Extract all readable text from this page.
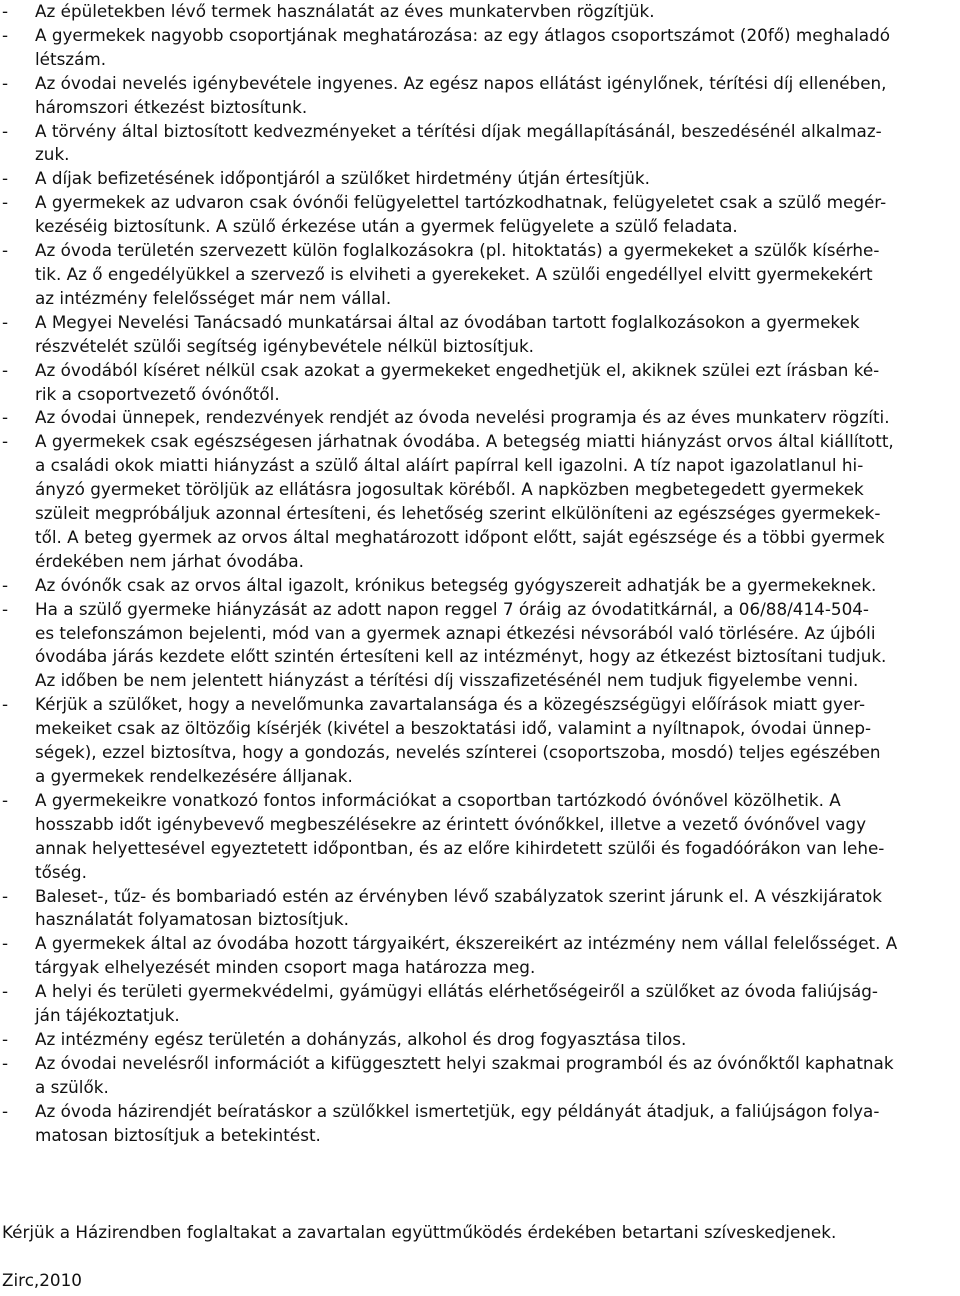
- Az épületekben lévő termek használatát az éves munkatervben rögzítjük.
- A gyermekek nagyobb csoportjának meghatározása: az egy átlagos csoportszámot (20fő) meghaladó
létszám.
- Az óvodai nevelés igénybevétele ingyenes. Az egész napos ellátást igénylőnek, térítési díj ellenében,
háromszori étkezést biztosítunk.
- A törvény által biztosított kedvezményeket a térítési díjak megállapításánál, beszedésénél alkalmaz-
zuk.
- A díjak befizetésének időpontjáról a szülőket hirdetmény útján értesítjük.
- A gyermekek az udvaron csak óvónői felügyelettel tartózkodhatnak, felügyeletet csak a szülő megér-
kezéséig biztosítunk. A szülő érkezése után a gyermek felügyelete a szülő feladata.
- Az óvoda területén szervezett külön foglalkozásokra (pl. hitoktatás) a gyermekeket a szülők kísérhe-
tik. Az ő engedélyükkel a szervező is elviheti a gyerekeket. A szülői engedéllyel elvitt gyermekekért
az intézmény felelősséget már nem vállal.
- A Megyei Nevelési Tanácsadó munkatársai által az óvodában tartott foglalkozásokon a gyermekek
részvételét szülői segítség igénybevétele nélkül biztosítjuk.
- Az óvodából kíséret nélkül csak azokat a gyermekeket engedhetjük el, akiknek szülei ezt írásban ké-
rik a csoportvezető óvónőtől.
- Az óvodai ünnepek, rendezvények rendjét az óvoda nevelési programja és az éves munkaterv rögzíti.
- A gyermekek csak egészségesen járhatnak óvodába. A betegség miatti hiányzást orvos által kiállított,
a családi okok miatti hiányzást a szülő által aláírt papírral kell igazolni. A tíz napot igazolatlanul hi-
ányzó gyermeket töröljük az ellátásra jogosultak köréből. A napközben megbetegedett gyermekek
szüleit megpróbáljuk azonnal értesíteni, és lehetőség szerint elkülöníteni az egészséges gyermekek-
től. A beteg gyermek az orvos által meghatározott időpont előtt, saját egészsége és a többi gyermek
érdekében nem járhat óvodába.
- Az óvónők csak az orvos által igazolt, krónikus betegség gyógyszereit adhatják be a gyermekeknek.
- Ha a szülő gyermeke hiányzását az adott napon reggel 7 óráig az óvodatitkárnál, a 06/88/414-504-
es telefonszámon bejelenti, mód van a gyermek aznapi étkezési névsorából való törlésére. Az újbóli
óvodába járás kezdete előtt szintén értesíteni kell az intézményt, hogy az étkezést biztosítani tudjuk.
Az időben be nem jelentett hiányzást a térítési díj visszafizetésénél nem tudjuk figyelembe venni.
- Kérjük a szülőket, hogy a nevelőmunka zavartalansága és a közegészségügyi előírások miatt gyer-
mekeiket csak az öltözőig kísérjék (kivétel a beszoktatási idő, valamint a nyíltnapok, óvodai ünnep-
ségek), ezzel biztosítva, hogy a gondozás, nevelés színterei (csoportszoba, mosdó) teljes egészében
a gyermekek rendelkezésére álljanak.
- A gyermekeikre vonatkozó fontos információkat a csoportban tartózkodó óvónővel közölhetik. A
hosszabb időt igénybevevő megbeszélésekre az érintett óvónőkkel, illetve a vezető óvónővel vagy
annak helyettesével egyeztetett időpontban, és az előre kihirdetett szülői és fogadóórákon van lehe-
tőség.
- Baleset-, tűz- és bombariadó estén az érvényben lévő szabályzatok szerint járunk el. A vészkijáratok
használatát folyamatosan biztosítjuk.
- A gyermekek által az óvodába hozott tárgyaikért, ékszereikért az intézmény nem vállal felelősséget. A
tárgyak elhelyezését minden csoport maga határozza meg.
- A helyi és területi gyermekvédelmi, gyámügyi ellátás elérhetőségeiről a szülőket az óvoda faliújság-
ján tájékoztatjuk.
- Az intézmény egész területén a dohányzás, alkohol és drog fogyasztása tilos.
- Az óvodai nevelésről információt a kifüggesztett helyi szakmai programból és az óvónőktől kaphatnak
a szülők.
- Az óvoda házirendjét beíratáskor a szülőkkel ismertetjük, egy példányát átadjuk, a faliújságon folya-
matosan biztosítjuk a betekintést.

Kérjük a Házirendben foglaltakat a zavartalan együttműködés érdekében betartani szíveskedjenek.

Zirc,2010
